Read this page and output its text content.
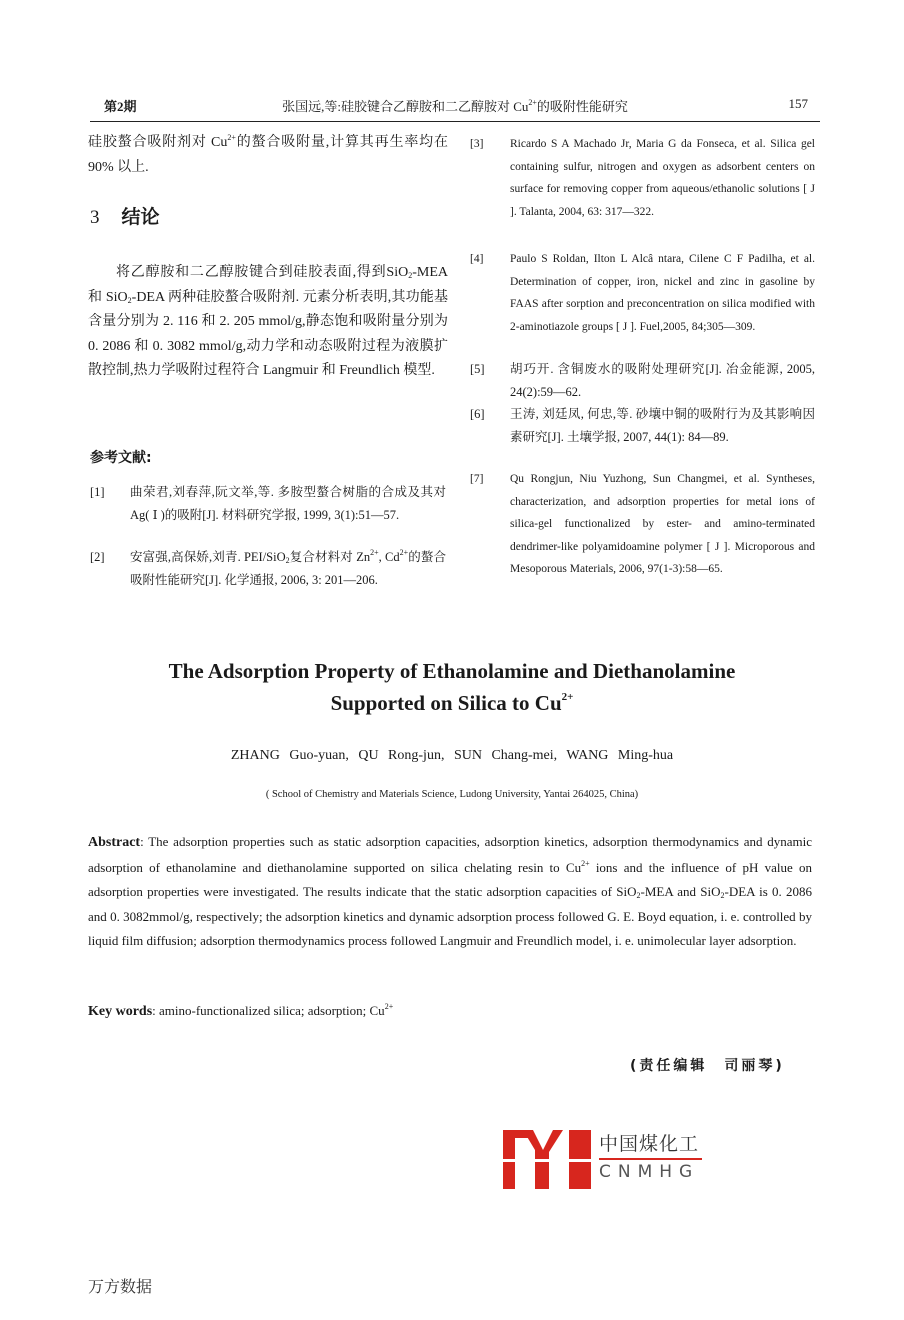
第2期	张国远,等:硅胶键合乙醇胺和二乙醇胺对 $Cu^{2+}$的吸附性能研究	157
硅胶螯合吸附剂对 $Cu^{2+}$的螯合吸附量,计算其再生率均在 90% 以上.
3 结论
将乙醇胺和二乙醇胺键合到硅胶表面,得到SiO$_2$-MEA 和 SiO$_2$-DEA 两种硅胶螯合吸附剂. 元素分析表明,其功能基含量分别为 2. 116 和 2. 205 mmol/g,静态饱和吸附量分别为 0. 2086 和 0. 3082 mmol/g,动力学和动态吸附过程为液膜扩散控制,热力学吸附过程符合 Langmuir 和 Freundlich 模型.
参考文献:
[1] 曲荣君,刘春萍,阮文举,等. 多胺型螯合树脂的合成及其对 Ag( Ⅰ )的吸附[J]. 材料研究学报, 1999, 3(1):51—57.
[2] 安富强,高保娇,刘青. PEI/SiO$_2$复合材料对 $Zn^{2+}$, $Cd^{2+}$的螯合吸附性能研究[J]. 化学通报, 2006, 3: 201—206.
[3] Ricardo S A Machado Jr, Maria G da Fonseca, et al. Silica gel containing sulfur, nitrogen and oxygen as adsorbent centers on surface for removing copper from aqueous/ethanolic solutions [ J ]. Talanta, 2004, 63: 317—322.
[4] Paulo S Roldan, Ilton L Alcâ ntara, Cilene C F Padilha, et al. Determination of copper, iron, nickel and zinc in gasoline by FAAS after sorption and preconcentration on silica modified with 2-aminotiazole groups [ J ]. Fuel,2005, 84;305—309.
[5] 胡巧开. 含铜废水的吸附处理研究[J]. 冶金能源, 2005, 24(2):59—62.
[6] 王涛, 刘廷凤, 何忠,等. 砂壤中铜的吸附行为及其影响因素研究[J]. 土壤学报, 2007, 44(1): 84—89.
[7] Qu Rongjun, Niu Yuzhong, Sun Changmei, et al. Syntheses, characterization, and adsorption properties for metal ions of silica-gel functionalized by ester- and amino-terminated dendrimer-like polyamidoamine polymer [ J ]. Microporous and Mesoporous Materials, 2006, 97(1-3):58—65.
The Adsorption Property of Ethanolamine and Diethanolamine
Supported on Silica to $Cu^{2+}$
ZHANG Guo-yuan, QU Rong-jun, SUN Chang-mei, WANG Ming-hua
( School of Chemistry and Materials Science, Ludong University, Yantai 264025, China)
Abstract: The adsorption properties such as static adsorption capacities, adsorption kinetics, adsorption thermodynamics and dynamic adsorption of ethanolamine and diethanolamine supported on silica chelating resin to $Cu^{2+}$ ions and the influence of pH value on adsorption properties were investigated. The results indicate that the static adsorption capacities of SiO$_2$-MEA and SiO$_2$-DEA is 0. 2086 and 0. 3082mmol/g, respectively; the adsorption kinetics and dynamic adsorption process followed G. E. Boyd equation, i. e. controlled by liquid film diffusion; adsorption thermodynamics process followed Langmuir and Freundlich model, i. e. unimolecular layer adsorption.
Key words: amino-functionalized silica; adsorption; $Cu^{2+}$
(责任编辑　司丽琴)
中国煤化工
CNMHG
万方数据
